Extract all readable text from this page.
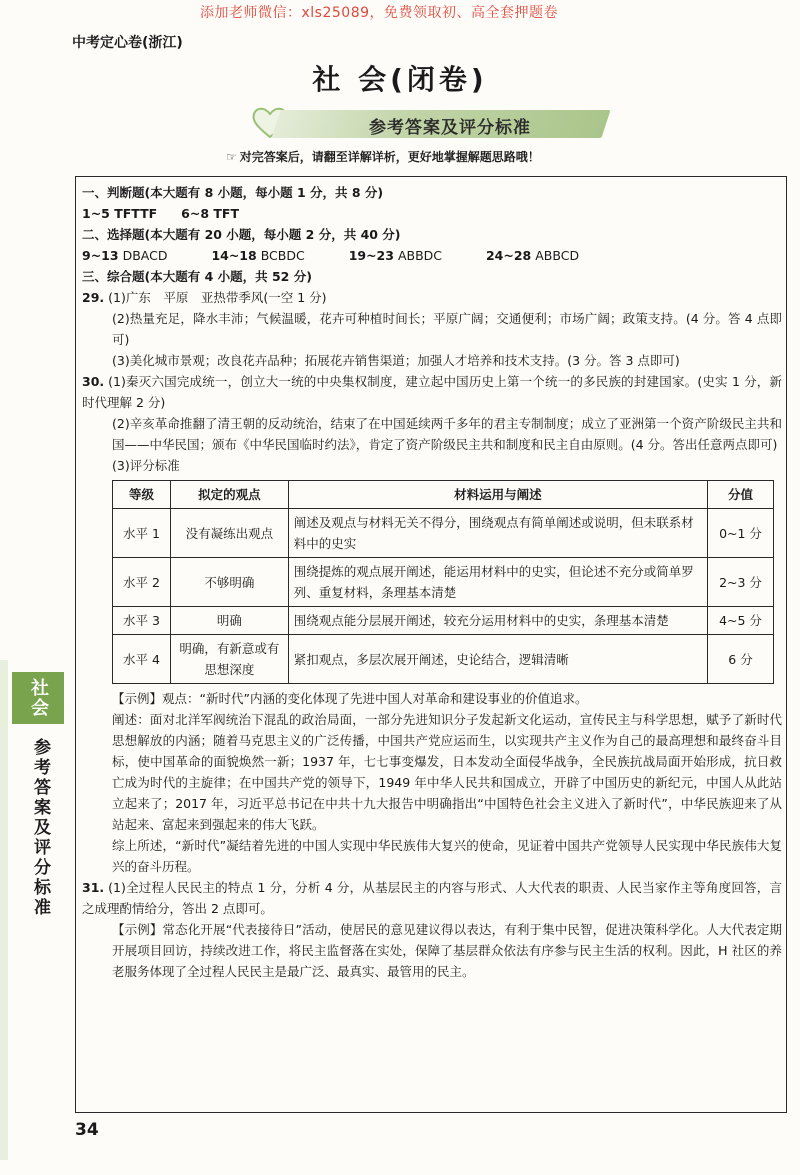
添加老师微信：xls25089，免费领取初、高全套押题卷
中考定心卷(浙江)
社 会(闭卷)
参考答案及评分标准
☞ 对完答案后，请翻至详解详析，更好地掌握解题思路哦！
一、判断题(本大题有 8 小题，每小题 1 分，共 8 分)
1~5 TFTTF 6~8 TFT
二、选择题(本大题有 20 小题，每小题 2 分，共 40 分)
9~13 DBACD	14~18 BCBDC	19~23 ABBDC	24~28 ABBCD
三、综合题(本大题有 4 小题，共 52 分)
29. (1)广东　平原　亚热带季风(一空 1 分)
(2)热量充足，降水丰沛；气候温暖，花卉可种植时间长；平原广阔；交通便利；市场广阔；政策支持。(4 分。答 4 点即可)
(3)美化城市景观；改良花卉品种；拓展花卉销售渠道；加强人才培养和技术支持。(3 分。答 3 点即可)
30. (1)秦灭六国完成统一，创立大一统的中央集权制度，建立起中国历史上第一个统一的多民族的封建国家。(史实 1 分，新时代理解 2 分)
(2)辛亥革命推翻了清王朝的反动统治，结束了在中国延续两千多年的君主专制制度；成立了亚洲第一个资产阶级民主共和国——中华民国；颁布《中华民国临时约法》，肯定了资产阶级民主共和制度和民主自由原则。(4 分。答出任意两点即可)
(3)评分标准
等级	拟定的观点	材料运用与阐述	分值
水平 1	没有凝练出观点	阐述及观点与材料无关不得分，围绕观点有简单阐述或说明，但未联系材料中的史实	0~1 分
水平 2	不够明确	围绕提炼的观点展开阐述，能运用材料中的史实，但论述不充分或简单罗列、重复材料，条理基本清楚	2~3 分
水平 3	明确	围绕观点能分层展开阐述，较充分运用材料中的史实，条理基本清楚	4~5 分
水平 4	明确，有新意或有思想深度	紧扣观点，多层次展开阐述，史论结合，逻辑清晰	6 分
【示例】观点：“新时代”内涵的变化体现了先进中国人对革命和建设事业的价值追求。
阐述：面对北洋军阀统治下混乱的政治局面，一部分先进知识分子发起新文化运动，宣传民主与科学思想，赋予了新时代思想解放的内涵；随着马克思主义的广泛传播，中国共产党应运而生，以实现共产主义作为自己的最高理想和最终奋斗目标，使中国革命的面貌焕然一新；1937 年，七七事变爆发，日本发动全面侵华战争，全民族抗战局面开始形成，抗日救亡成为时代的主旋律；在中国共产党的领导下，1949 年中华人民共和国成立，开辟了中国历史的新纪元，中国人从此站立起来了；2017 年，习近平总书记在中共十九大报告中明确指出“中国特色社会主义进入了新时代”，中华民族迎来了从站起来、富起来到强起来的伟大飞跃。
综上所述，“新时代”凝结着先进的中国人实现中华民族伟大复兴的使命，见证着中国共产党领导人民实现中华民族伟大复兴的奋斗历程。
31. (1)全过程人民民主的特点 1 分，分析 4 分，从基层民主的内容与形式、人大代表的职责、人民当家作主等角度回答，言之成理酌情给分，答出 2 点即可。
【示例】常态化开展“代表接待日”活动，使居民的意见建议得以表达，有利于集中民智，促进决策科学化。人大代表定期开展项目回访，持续改进工作，将民主监督落在实处，保障了基层群众依法有序参与民主生活的权利。因此，H 社区的养老服务体现了全过程人民民主是最广泛、最真实、最管用的民主。
社会
参考答案及评分标准
34
